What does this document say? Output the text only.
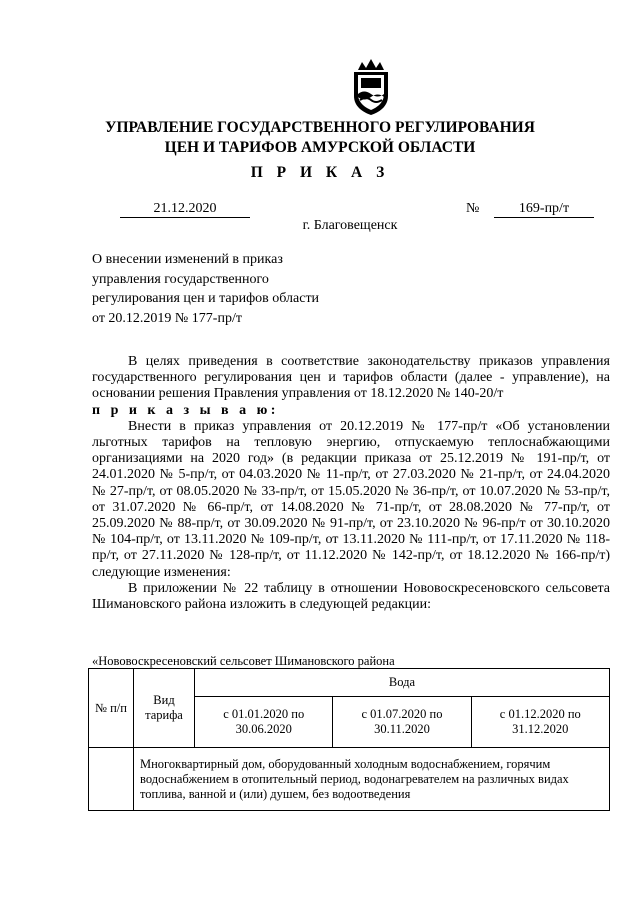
УПРАВЛЕНИЕ ГОСУДАРСТВЕННОГО РЕГУЛИРОВАНИЯ
ЦЕН И ТАРИФОВ АМУРСКОЙ ОБЛАСТИ
П Р И К А З
21.12.2020	№	169-пр/т
г. Благовещенск
О внесении изменений в приказ
управления государственного
регулирования цен и тарифов области
от 20.12.2019 № 177-пр/т
В целях приведения в соответствие законодательству приказов управления государственного регулирования цен и тарифов области (далее - управление), на основании решения Правления управления от 18.12.2020 № 140-20/т
п р и к а з ы в а ю:
Внести в приказ управления от 20.12.2019 № 177-пр/т «Об установлении льготных тарифов на тепловую энергию, отпускаемую теплоснабжающими организациями на 2020 год» (в редакции приказа от 25.12.2019 № 191-пр/т, от 24.01.2020 № 5-пр/т, от 04.03.2020 № 11-пр/т, от 27.03.2020 № 21-пр/т, от 24.04.2020 № 27-пр/т, от 08.05.2020 № 33-пр/т, от 15.05.2020 № 36-пр/т, от 10.07.2020 № 53-пр/т, от 31.07.2020 № 66-пр/т, от 14.08.2020 № 71-пр/т, от 28.08.2020 № 77-пр/т, от 25.09.2020 № 88-пр/т, от 30.09.2020 № 91-пр/т, от 23.10.2020 № 96-пр/т от 30.10.2020 № 104-пр/т, от 13.11.2020 № 109-пр/т, от 13.11.2020 № 111-пр/т, от 17.11.2020 № 118-пр/т, от 27.11.2020 № 128-пр/т, от 11.12.2020 № 142-пр/т, от 18.12.2020 № 166-пр/т) следующие изменения:
В приложении № 22 таблицу в отношении Нововоскресеновского сельсовета Шимановского района изложить в следующей редакции:
«Нововоскресеновский сельсовет Шимановского района
№ п/п	Вид тарифа	Вода		
		с 01.01.2020 по 30.06.2020	с 01.07.2020 по 30.11.2020	с 01.12.2020 по 31.12.2020
	Многоквартирный дом, оборудованный холодным водоснабжением, горячим водоснабжением в отопительный период, водонагревателем на различных видах топлива, ванной и (или) душем, без водоотведения			
